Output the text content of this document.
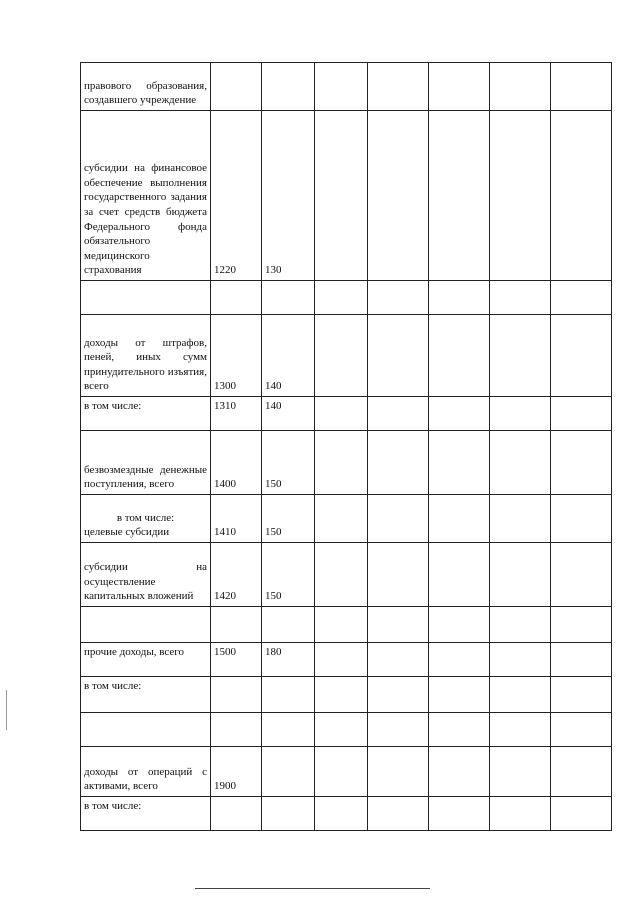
правового образования, создавшего учреждение							
субсидии на финансовое обеспечение выполнения государственного задания за счет средств бюджета Федерального фонда обязательного медицинского страхования	1220	130					

доходы от штрафов, пеней, иных сумм принудительного изъятия, всего	1300	140					
в том числе:	1310	140					
безвозмездные денежные поступления, всего	1400	150					

в том числе:
целевые субсидии	1410	150					
субсидии на осуществление капитальных вложений	1420	150					

прочие доходы, всего	1500	180					
в том числе:							

доходы от операций с активами, всего	1900						
в том числе:							
